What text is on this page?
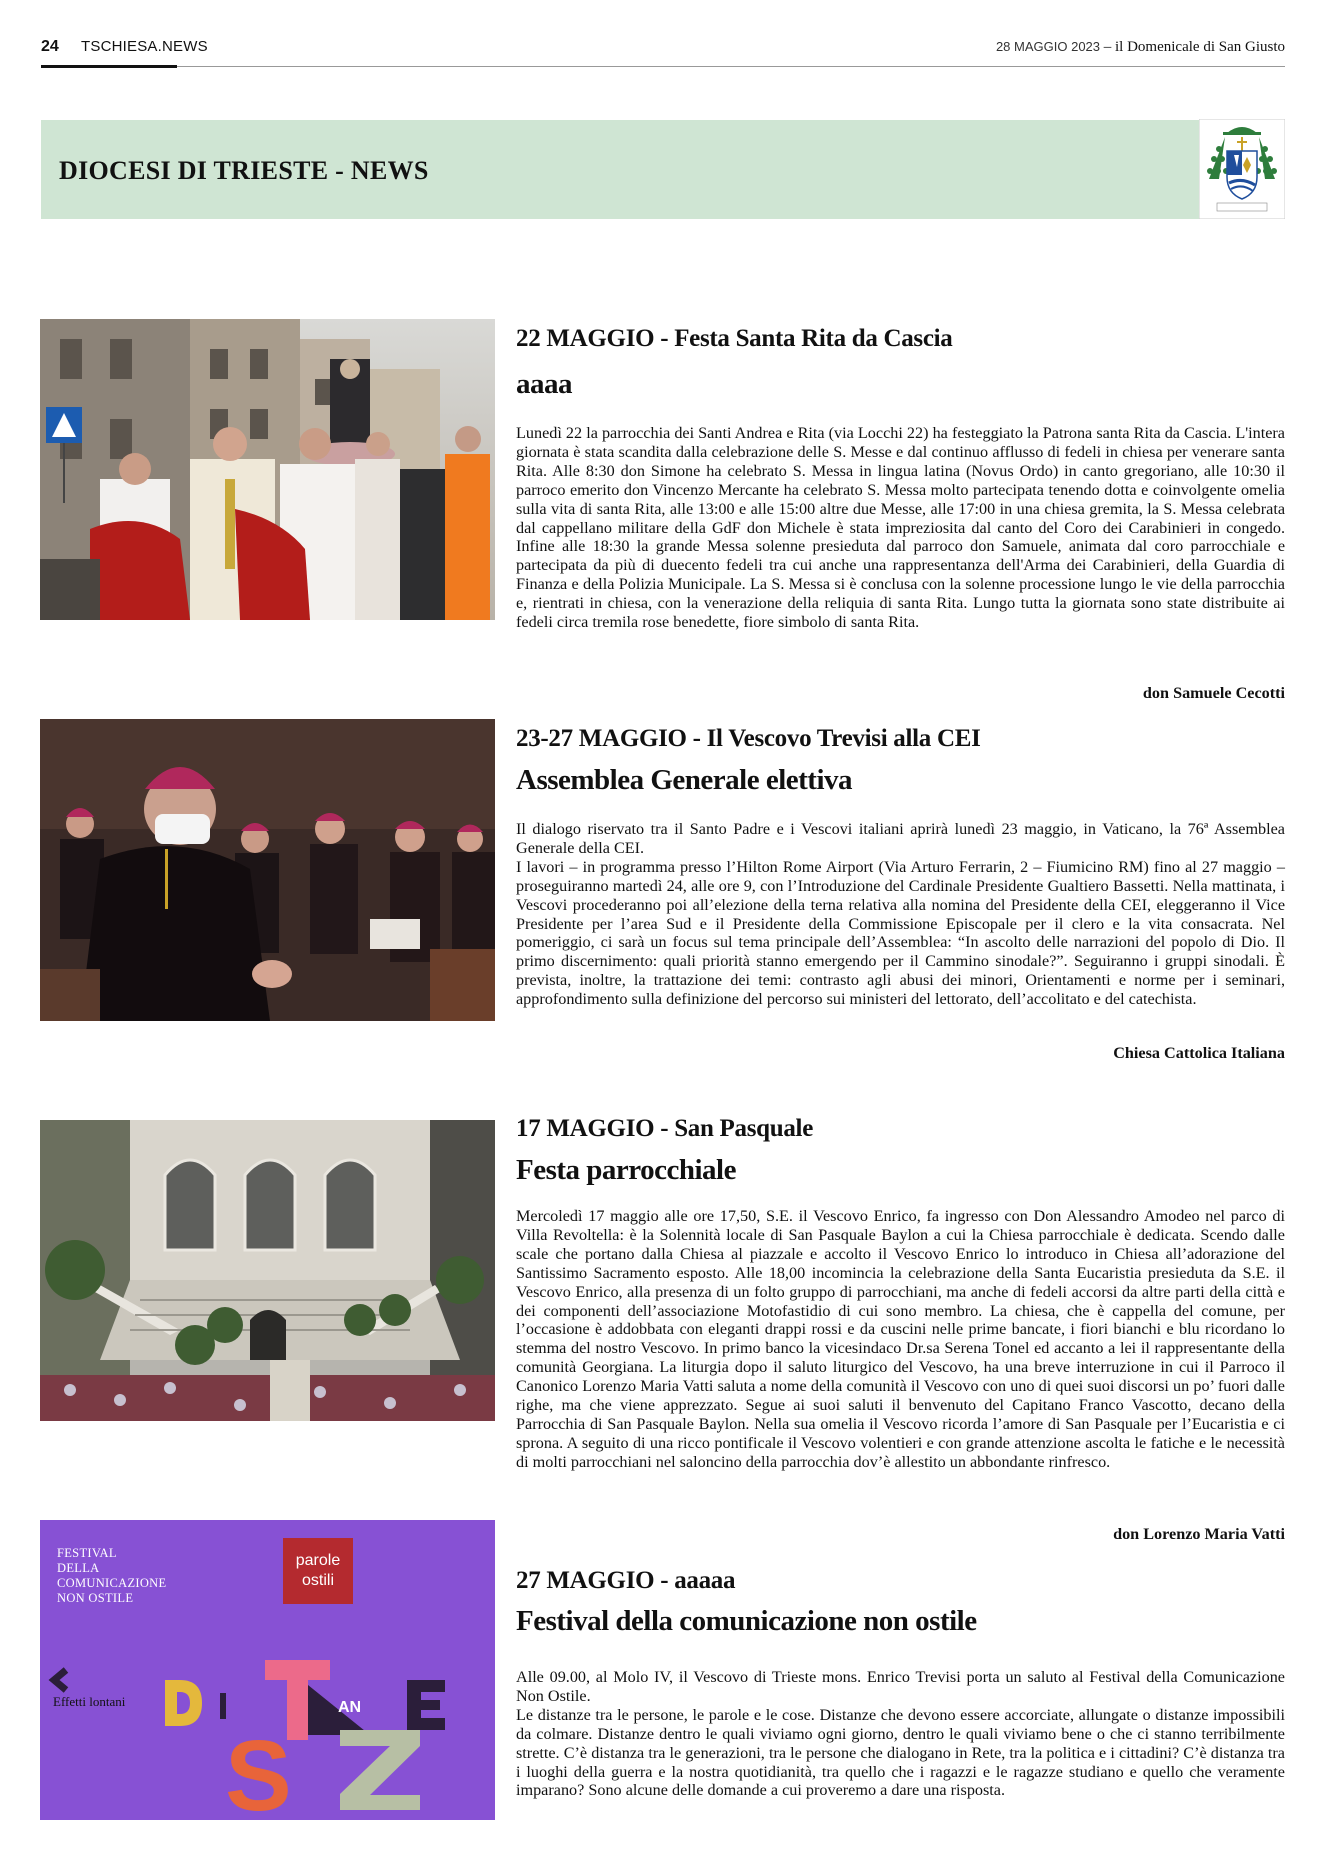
24 TSCHIESA.NEWS	28 MAGGIO 2023 – il Domenicale di San Giusto
DIOCESI DI TRIESTE - NEWS
22 MAGGIO - Festa Santa Rita da Cascia
aaaa

Lunedì 22 la parrocchia dei Santi Andrea e Rita (via Locchi 22) ha festeggiato la Patrona santa Rita da Cascia. L'intera giornata è stata scandita dalla celebrazione delle S. Messe e dal continuo afflusso di fedeli in chiesa per venerare santa Rita. Alle 8:30 don Simone ha celebrato S. Messa in lingua latina (Novus Ordo) in canto gregoriano, alle 10:30 il parroco emerito don Vincenzo Mercante ha celebrato S. Messa molto partecipata tenendo dotta e coinvolgente omelia sulla vita di santa Rita, alle 13:00 e alle 15:00 altre due Messe, alle 17:00 in una chiesa gremita, la S. Messa celebrata dal cappellano militare della GdF don Michele è stata impreziosita dal canto del Coro dei Carabinieri in congedo. Infine alle 18:30 la grande Messa solenne presieduta dal parroco don Samuele, animata dal coro parrocchiale e partecipata da più di duecento fedeli tra cui anche una rappresentanza dell'Arma dei Carabinieri, della Guardia di Finanza e della Polizia Municipale. La S. Messa si è conclusa con la solenne processione lungo le vie della parrocchia e, rientrati in chiesa, con la venerazione della reliquia di santa Rita. Lungo tutta la giornata sono state distribuite ai fedeli circa tremila rose benedette, fiore simbolo di santa Rita.

don Samuele Cecotti
23-27 MAGGIO - Il Vescovo Trevisi alla CEI
Assemblea Generale elettiva

Il dialogo riservato tra il Santo Padre e i Vescovi italiani aprirà lunedì 23 maggio, in Vaticano, la 76ª Assemblea Generale della CEI.

I lavori – in programma presso l’Hilton Rome Airport (Via Arturo Ferrarin, 2 – Fiumicino RM) fino al 27 maggio – proseguiranno martedì 24, alle ore 9, con l’Introduzione del Cardinale Presidente Gualtiero Bassetti. Nella mattinata, i Vescovi procederanno poi all’elezione della terna relativa alla nomina del Presidente della CEI, eleggeranno il Vice Presidente per l’area Sud e il Presidente della Commissione Episcopale per il clero e la vita consacrata. Nel pomeriggio, ci sarà un focus sul tema principale dell’Assemblea: “In ascolto delle narrazioni del popolo di Dio. Il primo discernimento: quali priorità stanno emergendo per il Cammino sinodale?”. Seguiranno i gruppi sinodali. È prevista, inoltre, la trattazione dei temi: contrasto agli abusi dei minori, Orientamenti e norme per i seminari, approfondimento sulla definizione del percorso sui ministeri del lettorato, dell’accolitato e del catechista.

Chiesa Cattolica Italiana
17 MAGGIO - San Pasquale
Festa parrocchiale

Mercoledì 17 maggio alle ore 17,50, S.E. il Vescovo Enrico, fa ingresso con Don Alessandro Amodeo nel parco di Villa Revoltella: è la Solennità locale di San Pasquale Baylon a cui la Chiesa parrocchiale è dedicata. Scendo dalle scale che portano dalla Chiesa al piazzale e accolto il Vescovo Enrico lo introduco in Chiesa all’adorazione del Santissimo Sacramento esposto. Alle 18,00 incomincia la celebrazione della Santa Eucaristia presieduta da S.E. il Vescovo Enrico, alla presenza di un folto gruppo di parrocchiani, ma anche di fedeli accorsi da altre parti della città e dei componenti dell’associazione Motofastidio di cui sono membro. La chiesa, che è cappella del comune, per l’occasione è addobbata con eleganti drappi rossi e da cuscini nelle prime bancate, i fiori bianchi e blu ricordano lo stemma del nostro Vescovo. In primo banco la vicesindaco Dr.sa Serena Tonel ed accanto a lei il rappresentante della comunità Georgiana. La liturgia dopo il saluto liturgico del Vescovo, ha una breve interruzione in cui il Parroco il Canonico Lorenzo Maria Vatti saluta a nome della comunità il Vescovo con uno di quei suoi discorsi un po’ fuori dalle righe, ma che viene apprezzato. Segue ai suoi saluti il benvenuto del Capitano Franco Vascotto, decano della Parrocchia di San Pasquale Baylon. Nella sua omelia il Vescovo ricorda l’amore di San Pasquale per l’Eucaristia e ci sprona. A seguito di una ricco pontificale il Vescovo volentieri e con grande attenzione ascolta le fatiche e le necessità di molti parrocchiani nel saloncino della parrocchia dov’è allestito un abbondante rinfresco.

don Lorenzo Maria Vatti
FESTIVAL
DELLA
COMUNICAZIONE
NON OSTILE
parole
ostili
S
AN
Effetti lontani
27 MAGGIO - aaaaa
Festival della comunicazione non ostile

Alle 09.00, al Molo IV, il Vescovo di Trieste mons. Enrico Trevisi porta un saluto al Festival della Comunicazione Non Ostile.

Le distanze tra le persone, le parole e le cose. Distanze che devono essere accorciate, allungate o distanze impossibili da colmare. Distanze dentro le quali viviamo ogni giorno, dentro le quali viviamo bene o che ci stanno terribilmente strette. C’è distanza tra le generazioni, tra le persone che dialogano in Rete, tra la politica e i cittadini? C’è distanza tra i luoghi della guerra e la nostra quotidianità, tra quello che i ragazzi e le ragazze studiano e quello che veramente imparano? Sono alcune delle domande a cui proveremo a dare una risposta.
